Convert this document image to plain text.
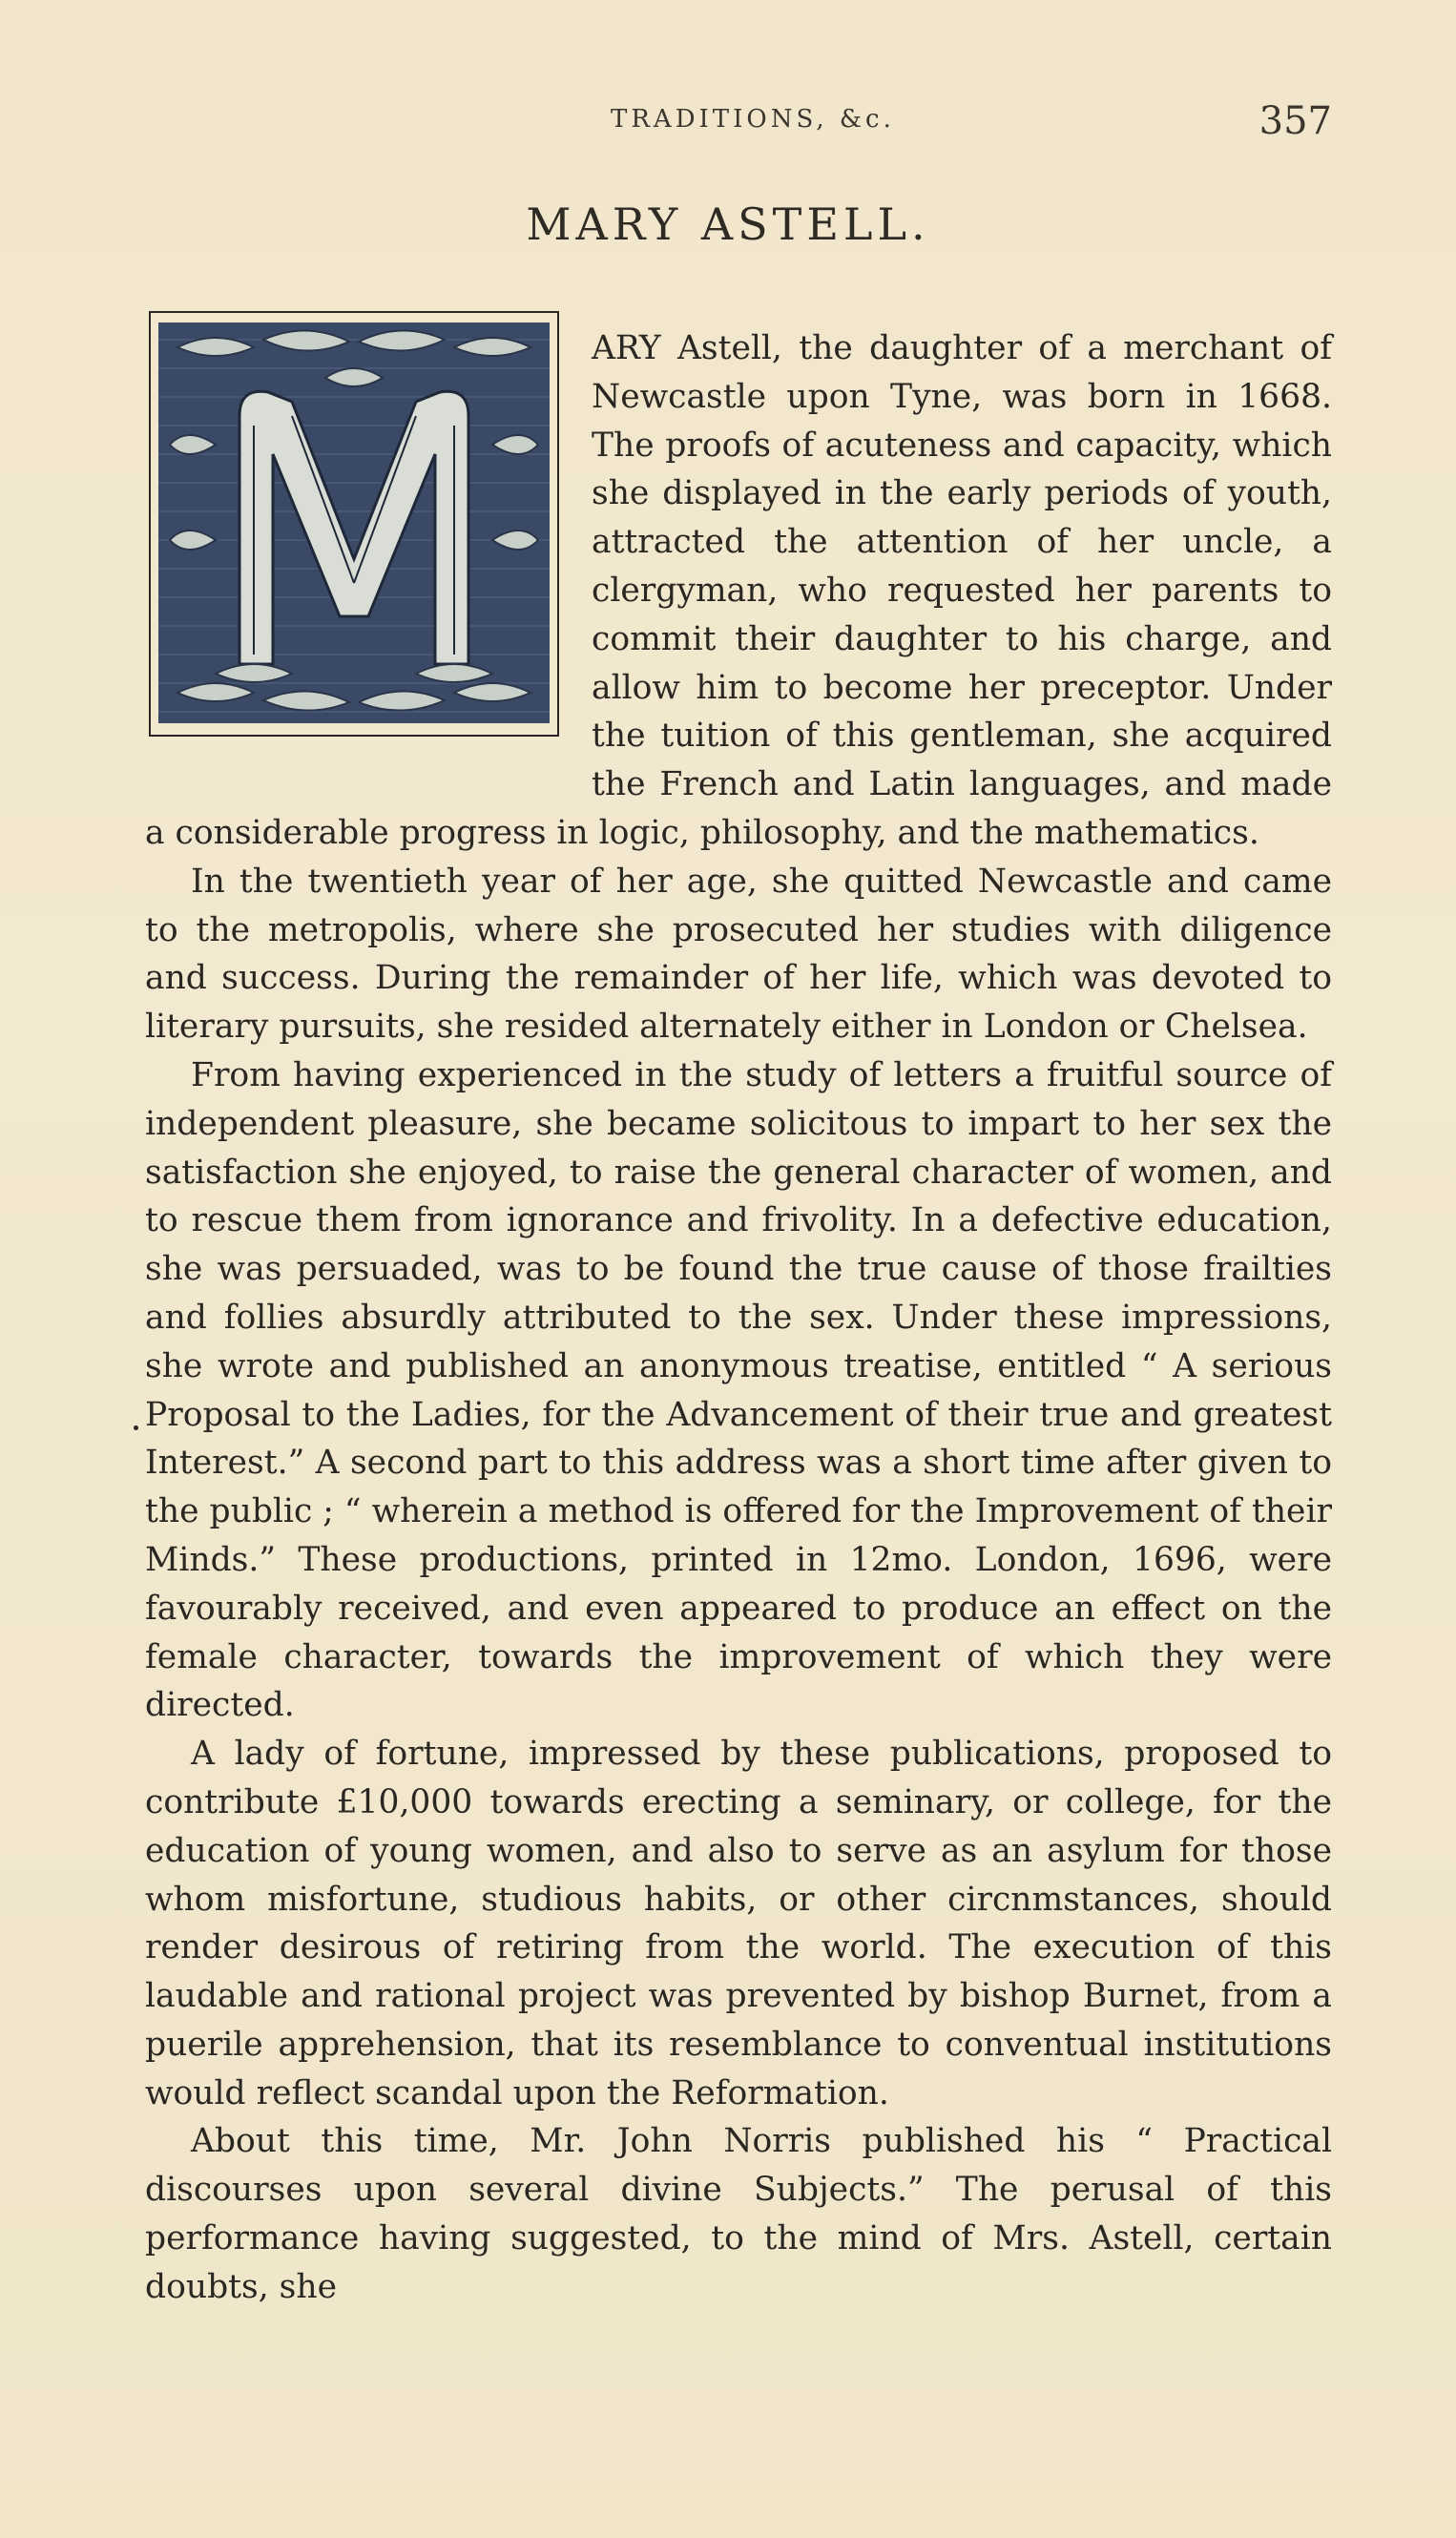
TRADITIONS, &c.	357
MARY ASTELL.

ARY Astell, the daughter of a merchant of Newcastle upon Tyne, was born in 1668. The proofs of acuteness and capacity, which she displayed in the early periods of youth, attracted the attention of her uncle, a clergyman, who requested her parents to commit their daughter to his charge, and allow him to become her preceptor. Under the tuition of this gentleman, she acquired the French and Latin languages, and made a considerable progress in logic, philosophy, and the mathematics.

In the twentieth year of her age, she quitted Newcastle and came to the metropolis, where she prosecuted her studies with diligence and success. During the remainder of her life, which was devoted to literary pursuits, she resided alternately either in London or Chelsea.

From having experienced in the study of letters a fruitful source of independent pleasure, she became solicitous to impart to her sex the satisfaction she enjoyed, to raise the general character of women, and to rescue them from ignorance and frivolity. In a defective education, she was persuaded, was to be found the true cause of those frailties and follies absurdly attributed to the sex. Under these impressions, she wrote and published an anonymous treatise, entitled “ A serious Proposal to the Ladies, for the Advancement of their true and greatest Interest.” A second part to this address was a short time after given to the public ; “ wherein a method is offered for the Improvement of their Minds.” These productions, printed in 12mo. London, 1696, were favourably received, and even appeared to produce an effect on the female character, towards the improvement of which they were directed.

A lady of fortune, impressed by these publications, proposed to contribute £10,000 towards erecting a seminary, or college, for the education of young women, and also to serve as an asylum for those whom misfortune, studious habits, or other circnmstances, should render desirous of retiring from the world. The execution of this laudable and rational project was prevented by bishop Burnet, from a puerile apprehension, that its resemblance to conventual institutions would reflect scandal upon the Reformation.

About this time, Mr. John Norris published his “ Practical discourses upon several divine Subjects.” The perusal of this performance having suggested, to the mind of Mrs. Astell, certain doubts, she
